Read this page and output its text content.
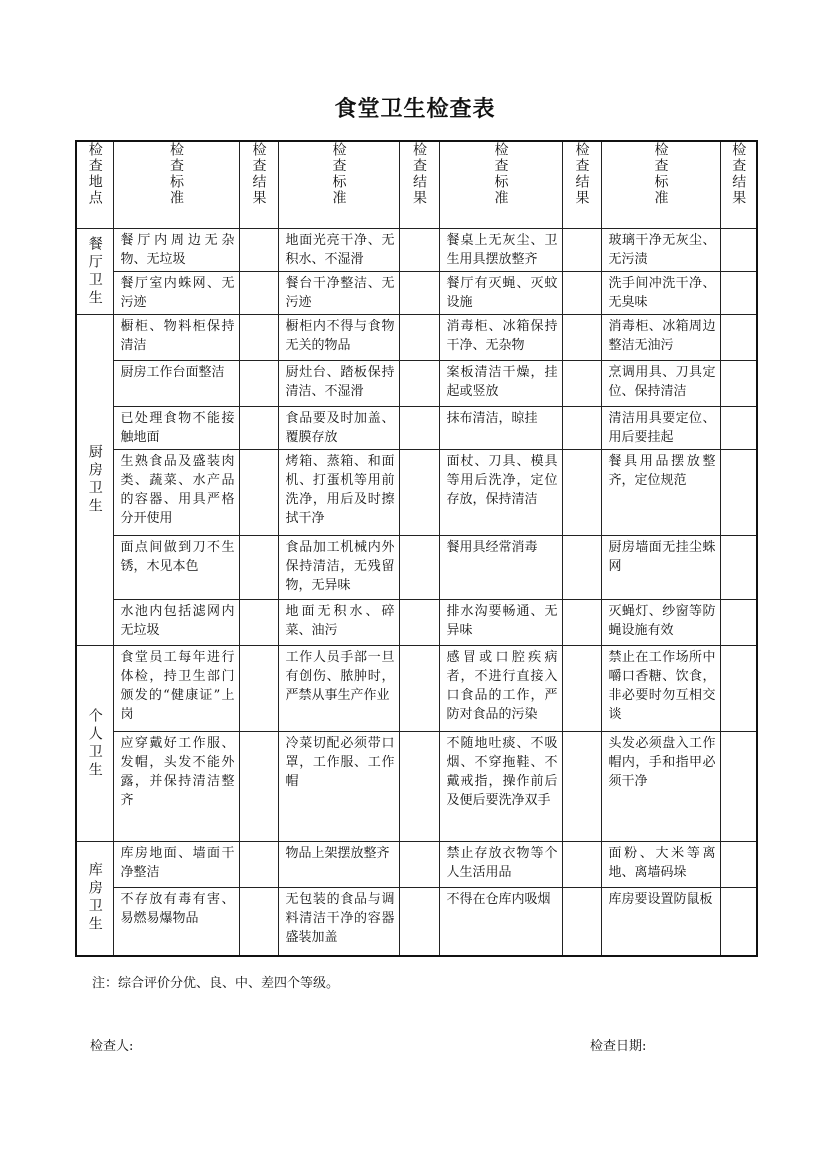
食堂卫生检查表
检查地点	检查标准	检查结果	检查标准	检查结果	检查标准	检查结果	检查标准	检查结果

餐厅卫生	餐厅内周边无杂物、无垃圾		地面光亮干净、无积水、不湿滑		餐桌上无灰尘、卫生用具摆放整齐		玻璃干净无灰尘、无污渍	
	餐厅室内蛛网、无污迹		餐台干净整洁、无污迹		餐厅有灭蝇、灭蚊设施		洗手间冲洗干净、无臭味	

厨房卫生	橱柜、物料柜保持清洁		橱柜内不得与食物无关的物品		消毒柜、冰箱保持干净、无杂物		消毒柜、冰箱周边整洁无油污	
	厨房工作台面整洁		厨灶台、踏板保持清洁、不湿滑		案板清洁干燥，挂起或竖放		烹调用具、刀具定位、保持清洁	
	已处理食物不能接触地面		食品要及时加盖、覆膜存放		抹布清洁，晾挂		清洁用具要定位、用后要挂起	
	生熟食品及盛装肉类、蔬菜、水产品的容器、用具严格分开使用		烤箱、蒸箱、和面机、打蛋机等用前洗净，用后及时擦拭干净		面杖、刀具、模具等用后洗净，定位存放，保持清洁		餐具用品摆放整齐，定位规范	
	面点间做到刀不生锈，木见本色		食品加工机械内外保持清洁，无残留物，无异味		餐用具经常消毒		厨房墙面无挂尘蛛网	
	水池内包括滤网内无垃圾		地面无积水、碎菜、油污		排水沟要畅通、无异味		灭蝇灯、纱窗等防蝇设施有效	

个人卫生	食堂员工每年进行体检，持卫生部门颁发的“健康证”上岗		工作人员手部一旦有创伤、脓肿时，严禁从事生产作业		感冒或口腔疾病者，不进行直接入口食品的工作，严防对食品的污染		禁止在工作场所中嚼口香糖、饮食，非必要时勿互相交谈	
	应穿戴好工作服、发帽，头发不能外露，并保持清洁整齐		冷菜切配必须带口罩，工作服、工作帽		不随地吐痰、不吸烟、不穿拖鞋、不戴戒指，操作前后及便后要洗净双手		头发必须盘入工作帽内，手和指甲必须干净	

库房卫生	库房地面、墙面干净整洁		物品上架摆放整齐		禁止存放衣物等个人生活用品		面粉、大米等离地、离墙码垛	
	不存放有毒有害、易燃易爆物品		无包装的食品与调料清洁干净的容器盛装加盖		不得在仓库内吸烟		库房要设置防鼠板	
注：综合评价分优、良、中、差四个等级。
检查人:	检查日期:
